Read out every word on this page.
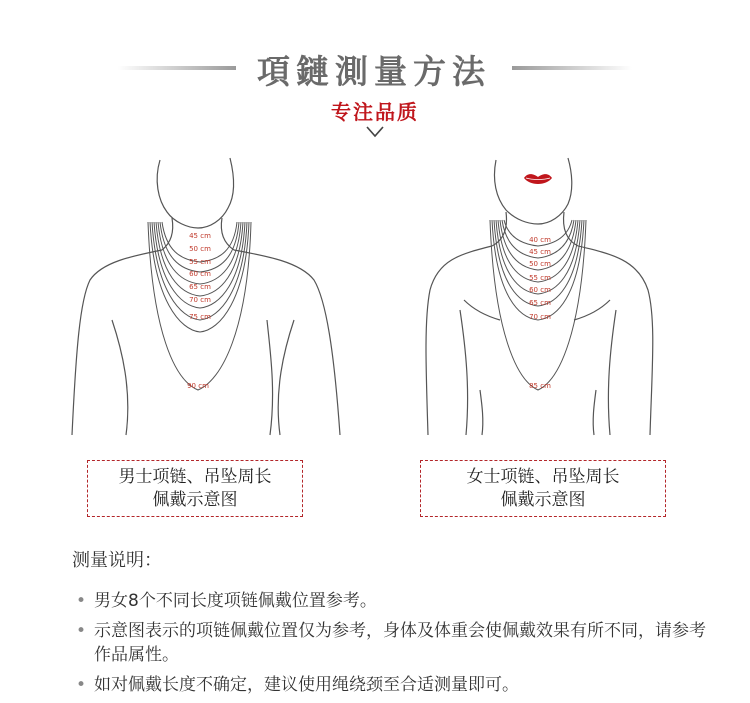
項鏈測量方法
专注品质
45 cm
50 cm
55 cm
60 cm
65 cm
70 cm
75 cm
90 cm
40 cm
45 cm
50 cm
55 cm
60 cm
65 cm
70 cm
85 cm
男士项链、吊坠周长
佩戴示意图
女士项链、吊坠周长
佩戴示意图
测量说明：
• 男女8个不同长度项链佩戴位置参考。
• 示意图表示的项链佩戴位置仅为参考，身体及体重会使佩戴效果有所不同，请参考作品属性。
• 如对佩戴长度不确定，建议使用绳绕颈至合适测量即可。
